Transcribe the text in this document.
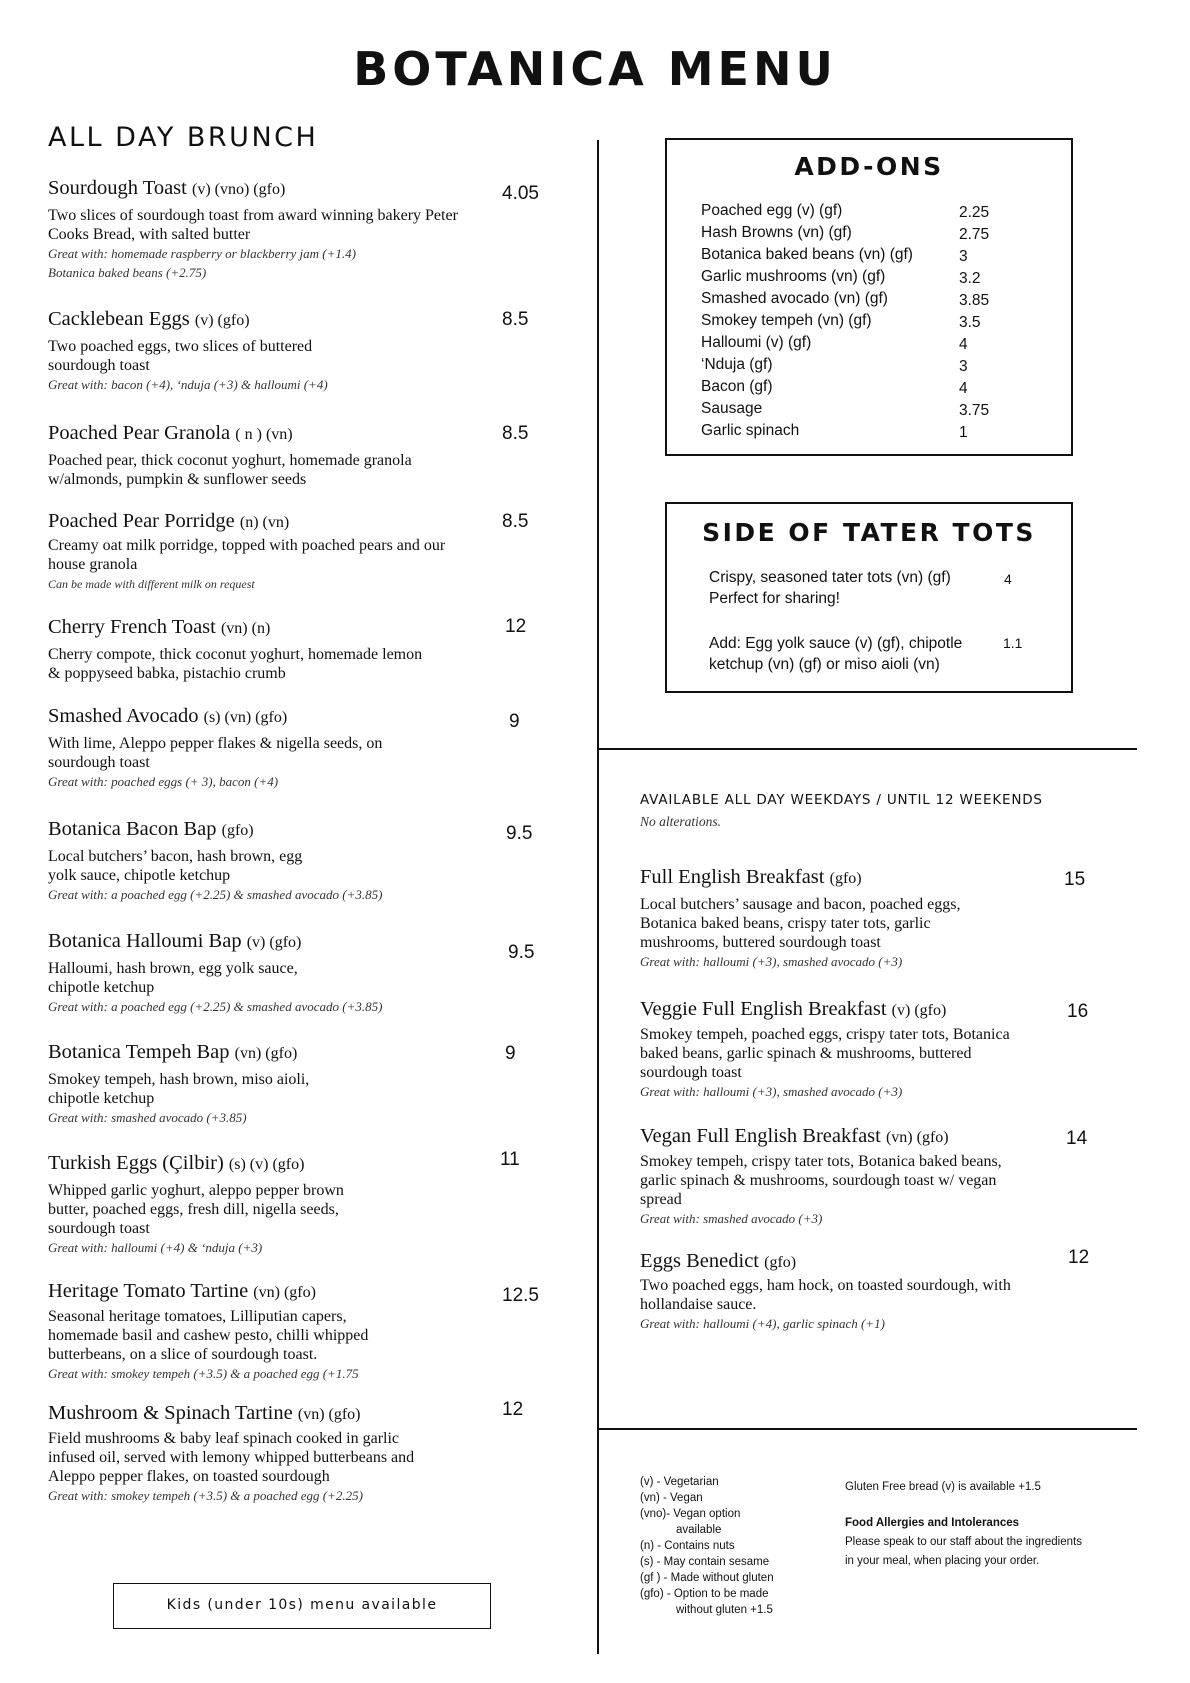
BOTANICA MENU
ALL DAY BRUNCH
Sourdough Toast (v) (vno) (gfo)
Two slices of sourdough toast from award winning bakery Peter Cooks Bread, with salted butter
Great with: homemade raspberry or blackberry jam (+1.4)
Botanica baked beans (+2.75)
4.05
Cacklebean Eggs (v) (gfo)
Two poached eggs, two slices of buttered sourdough toast
Great with: bacon (+4), ‘nduja (+3) & halloumi (+4)
8.5
Poached Pear Granola ( n ) (vn)
Poached pear, thick coconut yoghurt, homemade granola w/almonds, pumpkin & sunflower seeds
8.5
Poached Pear Porridge (n) (vn)
Creamy oat milk porridge, topped with poached pears and our house granola
Can be made with different milk on request
8.5
Cherry French Toast (vn) (n)
Cherry compote, thick coconut yoghurt, homemade lemon & poppyseed babka, pistachio crumb
12
Smashed Avocado (s) (vn) (gfo)
With lime, Aleppo pepper flakes & nigella seeds, on sourdough toast
Great with: poached eggs (+ 3), bacon (+4)
9
Botanica Bacon Bap (gfo)
Local butchers’ bacon, hash brown, egg yolk sauce, chipotle ketchup
Great with: a poached egg (+2.25) & smashed avocado (+3.85)
9.5
Botanica Halloumi Bap (v) (gfo)
Halloumi, hash brown, egg yolk sauce, chipotle ketchup
Great with: a poached egg (+2.25) & smashed avocado (+3.85)
9.5
Botanica Tempeh Bap (vn) (gfo)
Smokey tempeh, hash brown, miso aioli, chipotle ketchup
Great with: smashed avocado (+3.85)
9
Turkish Eggs (Çilbir) (s) (v) (gfo)
Whipped garlic yoghurt, aleppo pepper brown butter, poached eggs, fresh dill, nigella seeds, sourdough toast
Great with: halloumi (+4) & ‘nduja (+3)
11
Heritage Tomato Tartine (vn) (gfo)
Seasonal heritage tomatoes, Lilliputian capers, homemade basil and cashew pesto, chilli whipped butterbeans, on a slice of sourdough toast.
Great with: smokey tempeh (+3.5) & a poached egg (+1.75
12.5
Mushroom & Spinach Tartine (vn) (gfo)
Field mushrooms & baby leaf spinach cooked in garlic infused oil, served with lemony whipped butterbeans and Aleppo pepper flakes, on toasted sourdough
Great with: smokey tempeh (+3.5) & a poached egg (+2.25)
12
Kids (under 10s) menu available
ADD-ONS
Poached egg (v) (gf)	2.25
Hash Browns (vn) (gf)	2.75
Botanica baked beans (vn) (gf)	3
Garlic mushrooms (vn) (gf)	3.2
Smashed avocado (vn) (gf)	3.85
Smokey tempeh (vn) (gf)	3.5
Halloumi (v) (gf)	4
‘Nduja (gf)	3
Bacon (gf)	4
Sausage	3.75
Garlic spinach	1
SIDE OF TATER TOTS
Crispy, seasoned tater tots (vn) (gf)
Perfect for sharing!
4
Add: Egg yolk sauce (v) (gf), chipotle
ketchup (vn) (gf) or miso aioli (vn)
1.1
AVAILABLE ALL DAY WEEKDAYS / UNTIL 12 WEEKENDS
No alterations.
Full English Breakfast (gfo)
Local butchers’ sausage and bacon, poached eggs, Botanica baked beans, crispy tater tots, garlic mushrooms, buttered sourdough toast
Great with: halloumi (+3), smashed avocado (+3)
15
Veggie Full English Breakfast (v) (gfo)
Smokey tempeh, poached eggs, crispy tater tots, Botanica baked beans, garlic spinach & mushrooms, buttered sourdough toast
Great with: halloumi (+3), smashed avocado (+3)
16
Vegan Full English Breakfast (vn) (gfo)
Smokey tempeh, crispy tater tots, Botanica baked beans, garlic spinach & mushrooms, sourdough toast w/ vegan spread
Great with: smashed avocado (+3)
14
Eggs Benedict (gfo)
Two poached eggs, ham hock, on toasted sourdough, with hollandaise sauce.
Great with: halloumi (+4), garlic spinach (+1)
12
(v) - Vegetarian
(vn) - Vegan
(vno)- Vegan option
available
(n) - Contains nuts
(s) - May contain sesame
(gf ) - Made without gluten
(gfo) - Option to be made
without gluten +1.5
Gluten Free bread (v) is available +1.5
Food Allergies and Intolerances
Please speak to our staff about the ingredients
in your meal, when placing your order.
